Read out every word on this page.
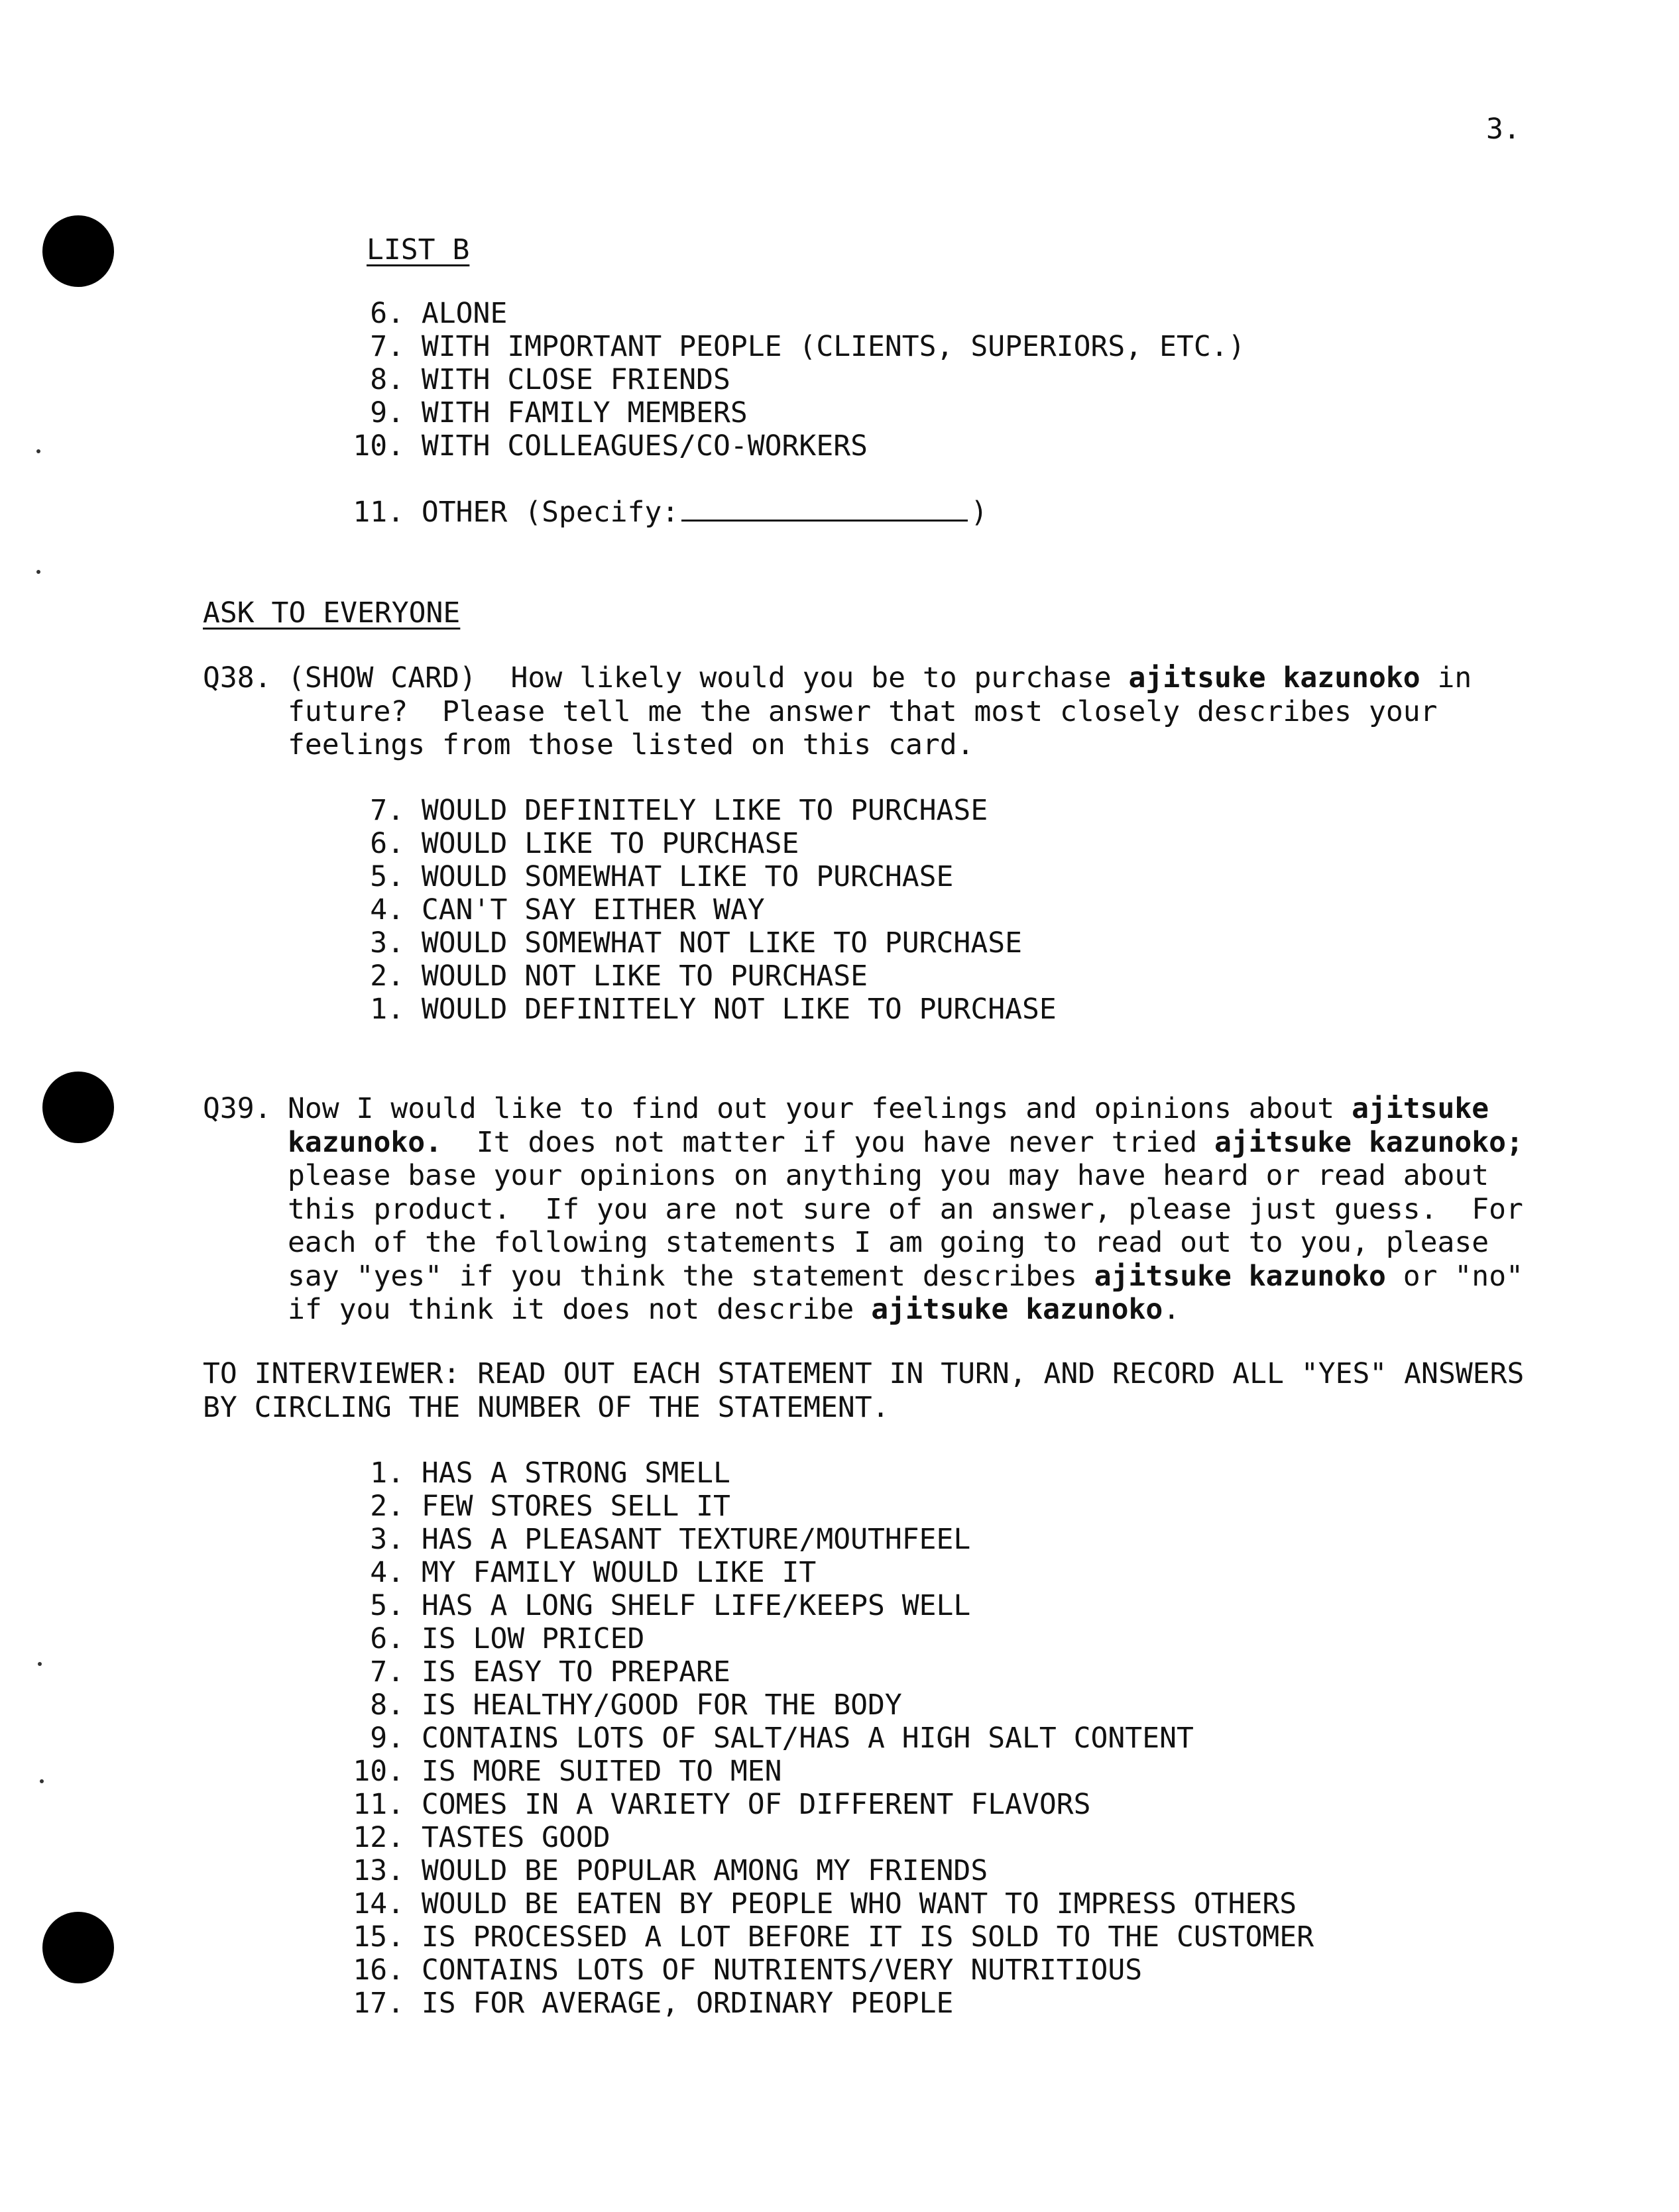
3.
LIST B
6. ALONE
7. WITH IMPORTANT PEOPLE (CLIENTS, SUPERIORS, ETC.)
8. WITH CLOSE FRIENDS
9. WITH FAMILY MEMBERS
10. WITH COLLEAGUES/CO-WORKERS
11. OTHER (Specify:	)
ASK TO EVERYONE
Q38. (SHOW CARD)  How likely would you be to purchase ajitsuke kazunoko in
future?  Please tell me the answer that most closely describes your
feelings from those listed on this card.
7. WOULD DEFINITELY LIKE TO PURCHASE
6. WOULD LIKE TO PURCHASE
5. WOULD SOMEWHAT LIKE TO PURCHASE
4. CAN'T SAY EITHER WAY
3. WOULD SOMEWHAT NOT LIKE TO PURCHASE
2. WOULD NOT LIKE TO PURCHASE
1. WOULD DEFINITELY NOT LIKE TO PURCHASE
Q39. Now I would like to find out your feelings and opinions about ajitsuke
kazunoko.  It does not matter if you have never tried ajitsuke kazunoko;
please base your opinions on anything you may have heard or read about
this product.  If you are not sure of an answer, please just guess.  For
each of the following statements I am going to read out to you, please
say "yes" if you think the statement describes ajitsuke kazunoko or "no"
if you think it does not describe ajitsuke kazunoko.
TO INTERVIEWER: READ OUT EACH STATEMENT IN TURN, AND RECORD ALL "YES" ANSWERS
BY CIRCLING THE NUMBER OF THE STATEMENT.
1. HAS A STRONG SMELL
2. FEW STORES SELL IT
3. HAS A PLEASANT TEXTURE/MOUTHFEEL
4. MY FAMILY WOULD LIKE IT
5. HAS A LONG SHELF LIFE/KEEPS WELL
6. IS LOW PRICED
7. IS EASY TO PREPARE
8. IS HEALTHY/GOOD FOR THE BODY
9. CONTAINS LOTS OF SALT/HAS A HIGH SALT CONTENT
10. IS MORE SUITED TO MEN
11. COMES IN A VARIETY OF DIFFERENT FLAVORS
12. TASTES GOOD
13. WOULD BE POPULAR AMONG MY FRIENDS
14. WOULD BE EATEN BY PEOPLE WHO WANT TO IMPRESS OTHERS
15. IS PROCESSED A LOT BEFORE IT IS SOLD TO THE CUSTOMER
16. CONTAINS LOTS OF NUTRIENTS/VERY NUTRITIOUS
17. IS FOR AVERAGE, ORDINARY PEOPLE
